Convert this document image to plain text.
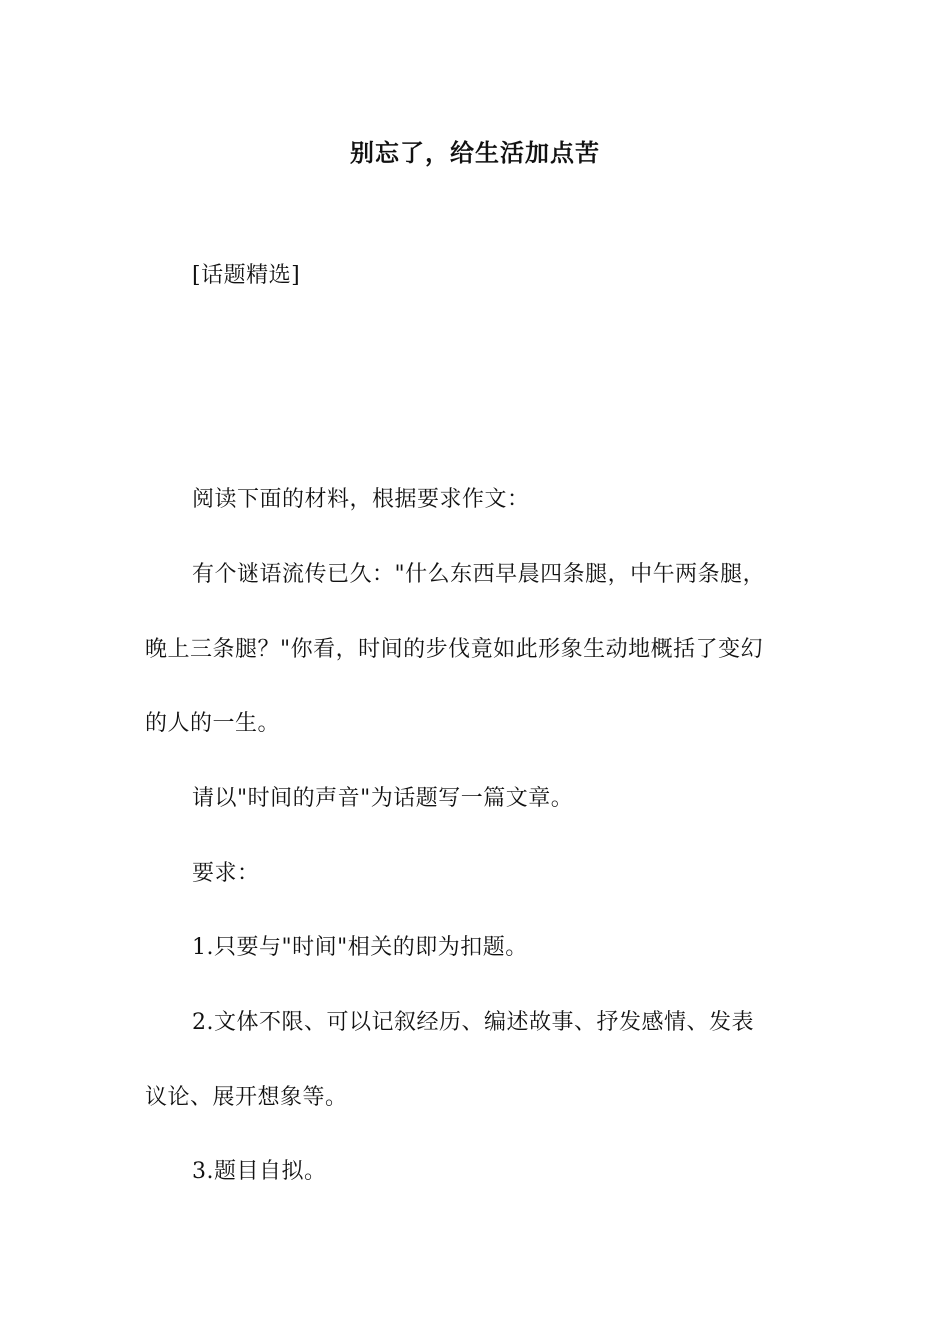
别忘了，给生活加点苦
[话题精选]
阅读下面的材料，根据要求作文：
有个谜语流传已久："什么东西早晨四条腿，中午两条腿，
晚上三条腿？"你看，时间的步伐竟如此形象生动地概括了变幻
的人的一生。
请以"时间的声音"为话题写一篇文章。
要求：
1.只要与"时间"相关的即为扣题。
2.文体不限、可以记叙经历、编述故事、抒发感情、发表
议论、展开想象等。
3.题目自拟。
